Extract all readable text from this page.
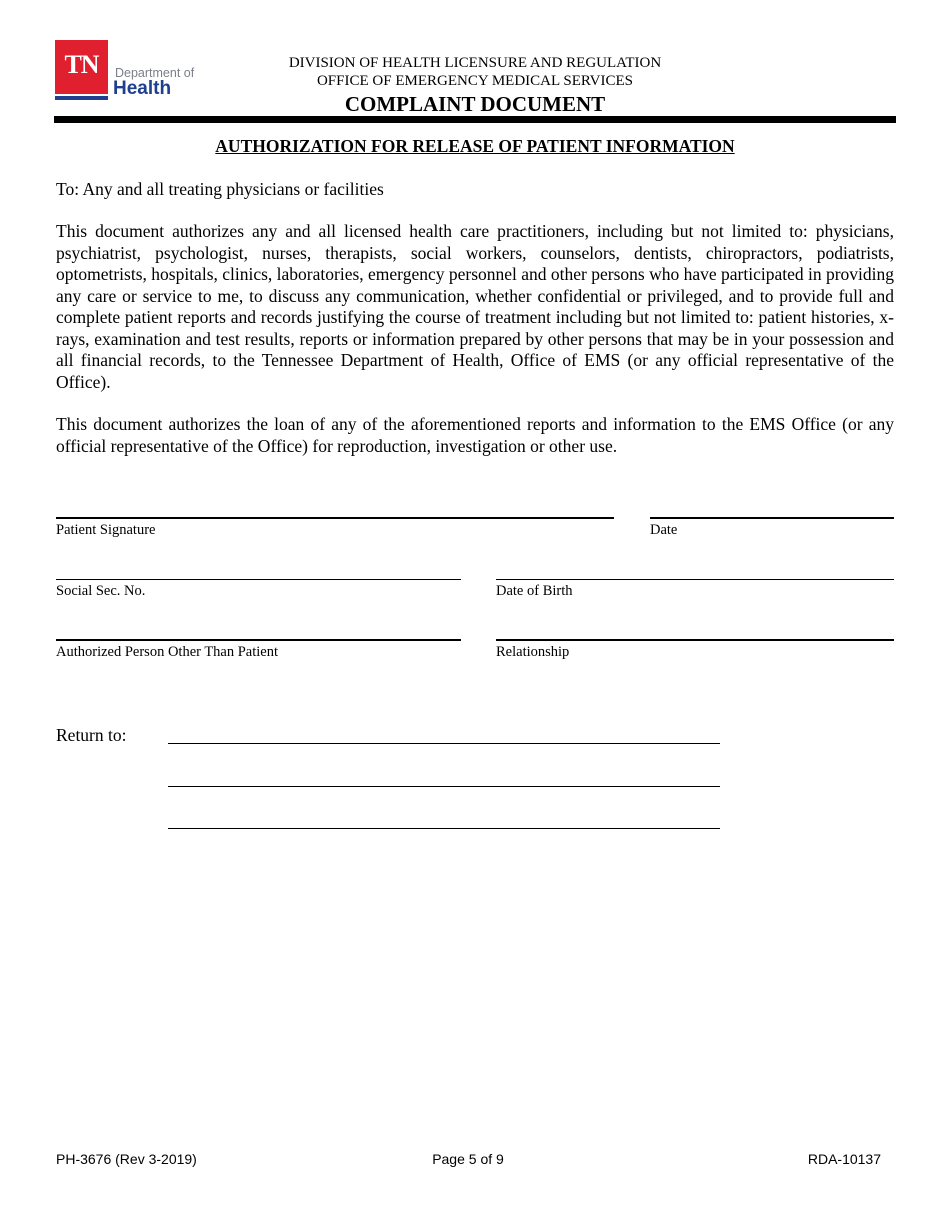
TN	Department of
Health
DIVISION OF HEALTH LICENSURE AND REGULATION
OFFICE OF EMERGENCY MEDICAL SERVICES
COMPLAINT DOCUMENT
AUTHORIZATION FOR RELEASE OF PATIENT INFORMATION
To: Any and all treating physicians or facilities

This document authorizes any and all licensed health care practitioners, including but not limited to: physicians, psychiatrist, psychologist, nurses, therapists, social workers, counselors, dentists, chiropractors, podiatrists, optometrists, hospitals, clinics, laboratories, emergency personnel and other persons who have participated in providing any care or service to me, to discuss any communication, whether confidential or privileged, and to provide full and complete patient reports and records justifying the course of treatment including but not limited to: patient histories, x-rays, examination and test results, reports or information prepared by other persons that may be in your possession and all financial records, to the Tennessee Department of Health, Office of EMS (or any official representative of the Office).

This document authorizes the loan of any of the aforementioned reports and information to the EMS Office (or any official representative of the Office) for reproduction, investigation or other use.

Patient Signature	Date
Social Sec. No.	Date of Birth
Authorized Person Other Than Patient	Relationship
Return to:
PH-3676 (Rev 3-2019)	Page 5 of 9	RDA-10137
